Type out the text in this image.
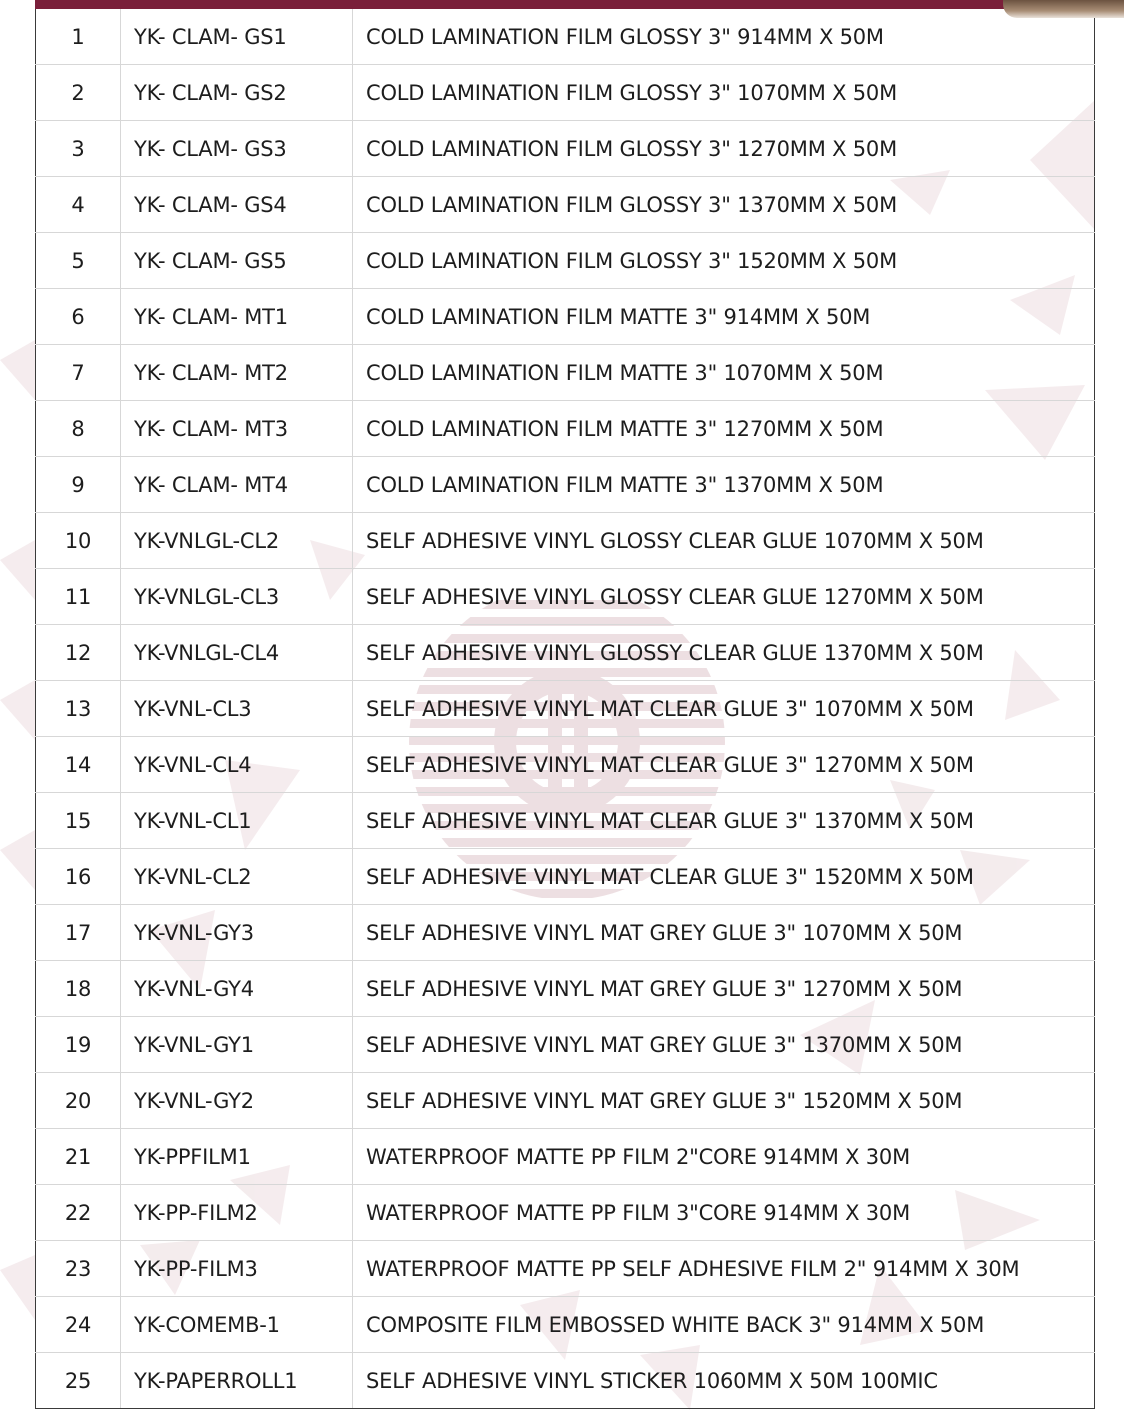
1	YK- CLAM- GS1	COLD LAMINATION FILM GLOSSY 3" 914MM X 50M
2	YK- CLAM- GS2	COLD LAMINATION FILM GLOSSY 3" 1070MM X 50M
3	YK- CLAM- GS3	COLD LAMINATION FILM GLOSSY 3" 1270MM X 50M
4	YK- CLAM- GS4	COLD LAMINATION FILM GLOSSY 3" 1370MM X 50M
5	YK- CLAM- GS5	COLD LAMINATION FILM GLOSSY 3" 1520MM X 50M
6	YK- CLAM- MT1	COLD LAMINATION FILM MATTE 3" 914MM X 50M
7	YK- CLAM- MT2	COLD LAMINATION FILM MATTE 3" 1070MM X 50M
8	YK- CLAM- MT3	COLD LAMINATION FILM MATTE 3" 1270MM X 50M
9	YK- CLAM- MT4	COLD LAMINATION FILM MATTE 3" 1370MM X 50M
10	YK-VNLGL-CL2	SELF ADHESIVE VINYL GLOSSY CLEAR GLUE 1070MM X 50M
11	YK-VNLGL-CL3	SELF ADHESIVE VINYL GLOSSY CLEAR GLUE 1270MM X 50M
12	YK-VNLGL-CL4	SELF ADHESIVE VINYL GLOSSY CLEAR GLUE 1370MM X 50M
13	YK-VNL-CL3	SELF ADHESIVE VINYL MAT CLEAR GLUE 3" 1070MM X 50M
14	YK-VNL-CL4	SELF ADHESIVE VINYL MAT CLEAR GLUE 3" 1270MM X 50M
15	YK-VNL-CL1	SELF ADHESIVE VINYL MAT CLEAR GLUE 3" 1370MM X 50M
16	YK-VNL-CL2	SELF ADHESIVE VINYL MAT CLEAR GLUE 3" 1520MM X 50M
17	YK-VNL-GY3	SELF ADHESIVE VINYL MAT GREY GLUE 3" 1070MM X 50M
18	YK-VNL-GY4	SELF ADHESIVE VINYL MAT GREY GLUE 3" 1270MM X 50M
19	YK-VNL-GY1	SELF ADHESIVE VINYL MAT GREY GLUE 3" 1370MM X 50M
20	YK-VNL-GY2	SELF ADHESIVE VINYL MAT GREY GLUE 3" 1520MM X 50M
21	YK-PPFILM1	WATERPROOF MATTE PP FILM 2"CORE 914MM X 30M
22	YK-PP-FILM2	WATERPROOF MATTE PP FILM 3"CORE 914MM X 30M
23	YK-PP-FILM3	WATERPROOF MATTE PP SELF ADHESIVE FILM 2" 914MM X 30M
24	YK-COMEMB-1	COMPOSITE FILM EMBOSSED WHITE BACK 3" 914MM X 50M
25	YK-PAPERROLL1	SELF ADHESIVE VINYL STICKER 1060MM X 50M 100MIC
